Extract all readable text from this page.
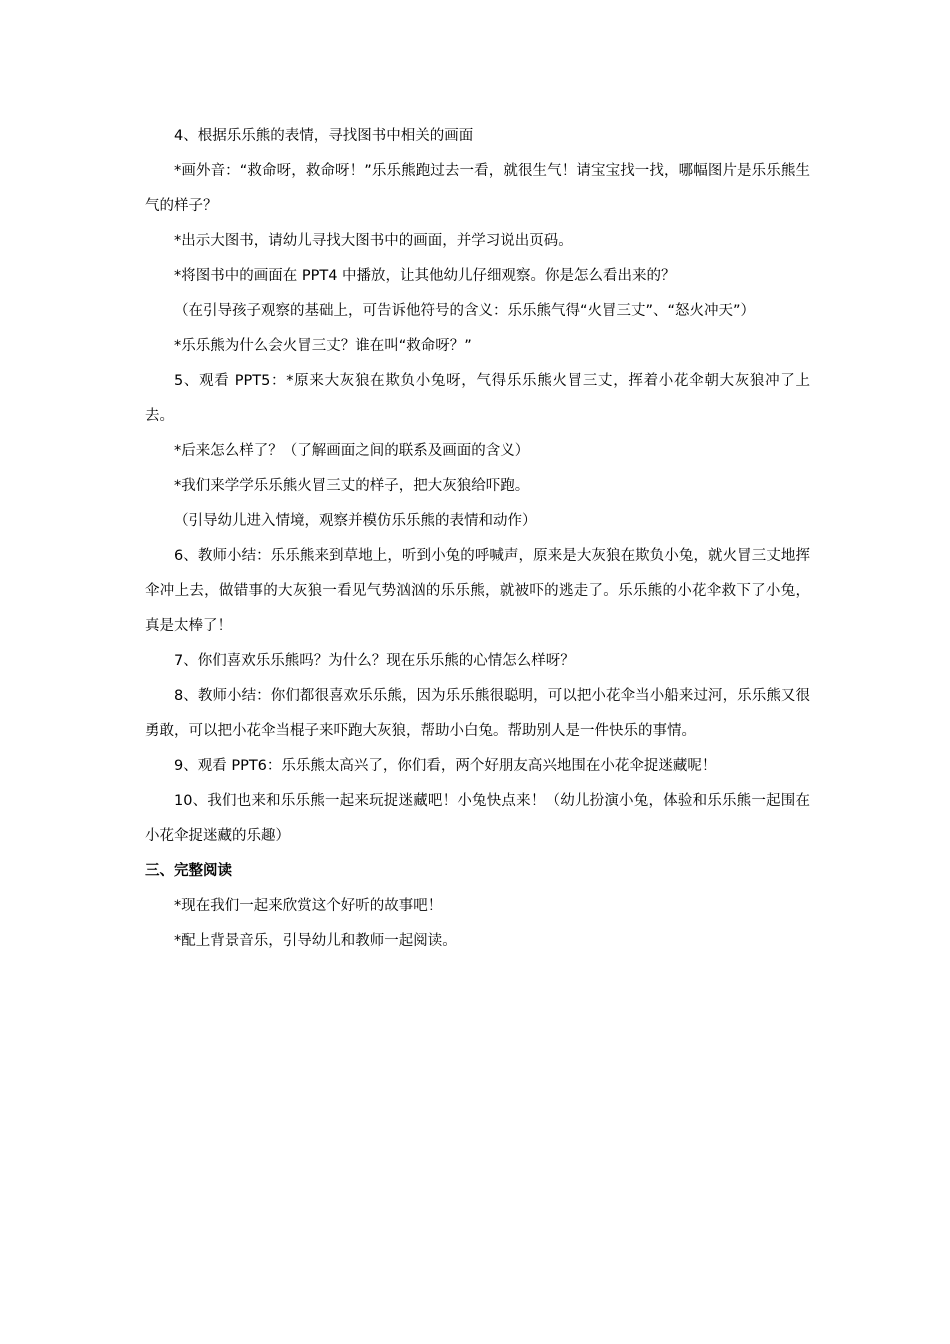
4、根据乐乐熊的表情，寻找图书中相关的画面

*画外音：“救命呀，救命呀！”乐乐熊跑过去一看，就很生气！请宝宝找一找，哪幅图片是乐乐熊生气的样子？

*出示大图书，请幼儿寻找大图书中的画面，并学习说出页码。

*将图书中的画面在 PPT4 中播放，让其他幼儿仔细观察。你是怎么看出来的？

（在引导孩子观察的基础上，可告诉他符号的含义：乐乐熊气得“火冒三丈”、“怒火冲天”）

*乐乐熊为什么会火冒三丈？谁在叫“救命呀？”

5、观看 PPT5：*原来大灰狼在欺负小兔呀，气得乐乐熊火冒三丈，挥着小花伞朝大灰狼冲了上去。

*后来怎么样了？（了解画面之间的联系及画面的含义）

*我们来学学乐乐熊火冒三丈的样子，把大灰狼给吓跑。

（引导幼儿进入情境，观察并模仿乐乐熊的表情和动作）

6、教师小结：乐乐熊来到草地上，听到小兔的呼喊声，原来是大灰狼在欺负小兔，就火冒三丈地挥伞冲上去，做错事的大灰狼一看见气势汹汹的乐乐熊，就被吓的逃走了。乐乐熊的小花伞救下了小兔，真是太棒了！

7、你们喜欢乐乐熊吗？为什么？现在乐乐熊的心情怎么样呀？

8、教师小结：你们都很喜欢乐乐熊，因为乐乐熊很聪明，可以把小花伞当小船来过河，乐乐熊又很勇敢，可以把小花伞当棍子来吓跑大灰狼，帮助小白兔。帮助别人是一件快乐的事情。

9、观看 PPT6：乐乐熊太高兴了，你们看，两个好朋友高兴地围在小花伞捉迷藏呢！

10、我们也来和乐乐熊一起来玩捉迷藏吧！小兔快点来！（幼儿扮演小兔，体验和乐乐熊一起围在小花伞捉迷藏的乐趣）

三、完整阅读

*现在我们一起来欣赏这个好听的故事吧！

*配上背景音乐，引导幼儿和教师一起阅读。
